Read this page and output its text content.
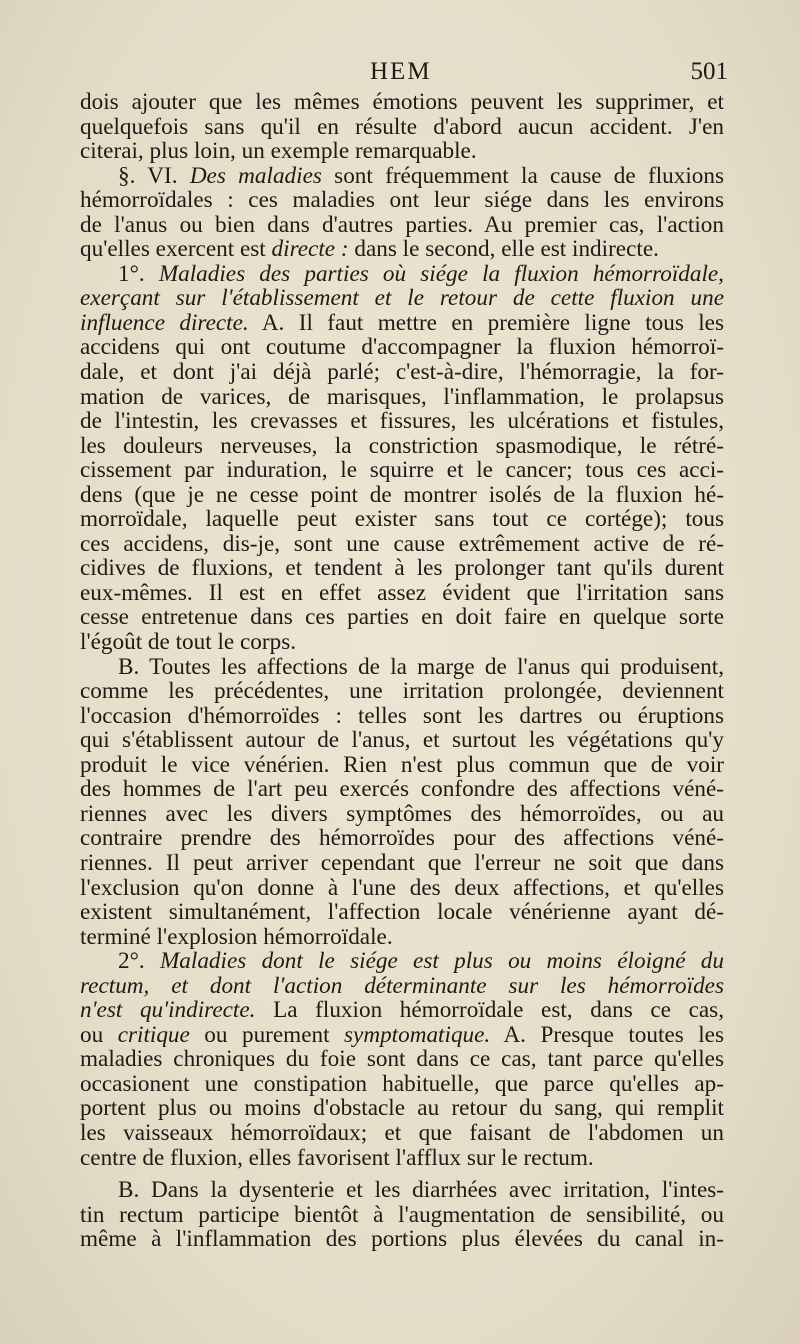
HEM	501
dois ajouter que les mêmes émotions peuvent les supprimer, et
quelquefois sans qu'il en résulte d'abord aucun accident. J'en
citerai, plus loin, un exemple remarquable.
§. VI. Des maladies sont fréquemment la cause de fluxions
hémorroïdales : ces maladies ont leur siége dans les environs
de l'anus ou bien dans d'autres parties. Au premier cas, l'action
qu'elles exercent est directe : dans le second, elle est indirecte.
1°. Maladies des parties où siége la fluxion hémorroïdale,
exerçant sur l'établissement et le retour de cette fluxion une
influence directe. A. Il faut mettre en première ligne tous les
accidens qui ont coutume d'accompagner la fluxion hémorroï-
dale, et dont j'ai déjà parlé; c'est-à-dire, l'hémorragie, la for-
mation de varices, de marisques, l'inflammation, le prolapsus
de l'intestin, les crevasses et fissures, les ulcérations et fistules,
les douleurs nerveuses, la constriction spasmodique, le rétré-
cissement par induration, le squirre et le cancer; tous ces acci-
dens (que je ne cesse point de montrer isolés de la fluxion hé-
morroïdale, laquelle peut exister sans tout ce cortége); tous
ces accidens, dis-je, sont une cause extrêmement active de ré-
cidives de fluxions, et tendent à les prolonger tant qu'ils durent
eux-mêmes. Il est en effet assez évident que l'irritation sans
cesse entretenue dans ces parties en doit faire en quelque sorte
l'égoût de tout le corps.
B. Toutes les affections de la marge de l'anus qui produisent,
comme les précédentes, une irritation prolongée, deviennent
l'occasion d'hémorroïdes : telles sont les dartres ou éruptions
qui s'établissent autour de l'anus, et surtout les végétations qu'y
produit le vice vénérien. Rien n'est plus commun que de voir
des hommes de l'art peu exercés confondre des affections véné-
riennes avec les divers symptômes des hémorroïdes, ou au
contraire prendre des hémorroïdes pour des affections véné-
riennes. Il peut arriver cependant que l'erreur ne soit que dans
l'exclusion qu'on donne à l'une des deux affections, et qu'elles
existent simultanément, l'affection locale vénérienne ayant dé-
terminé l'explosion hémorroïdale.
2°. Maladies dont le siége est plus ou moins éloigné du
rectum, et dont l'action déterminante sur les hémorroïdes
n'est qu'indirecte. La fluxion hémorroïdale est, dans ce cas,
ou critique ou purement symptomatique. A. Presque toutes les
maladies chroniques du foie sont dans ce cas, tant parce qu'elles
occasionent une constipation habituelle, que parce qu'elles ap-
portent plus ou moins d'obstacle au retour du sang, qui remplit
les vaisseaux hémorroïdaux; et que faisant de l'abdomen un
centre de fluxion, elles favorisent l'afflux sur le rectum.
B. Dans la dysenterie et les diarrhées avec irritation, l'intes-
tin rectum participe bientôt à l'augmentation de sensibilité, ou
même à l'inflammation des portions plus élevées du canal in-
